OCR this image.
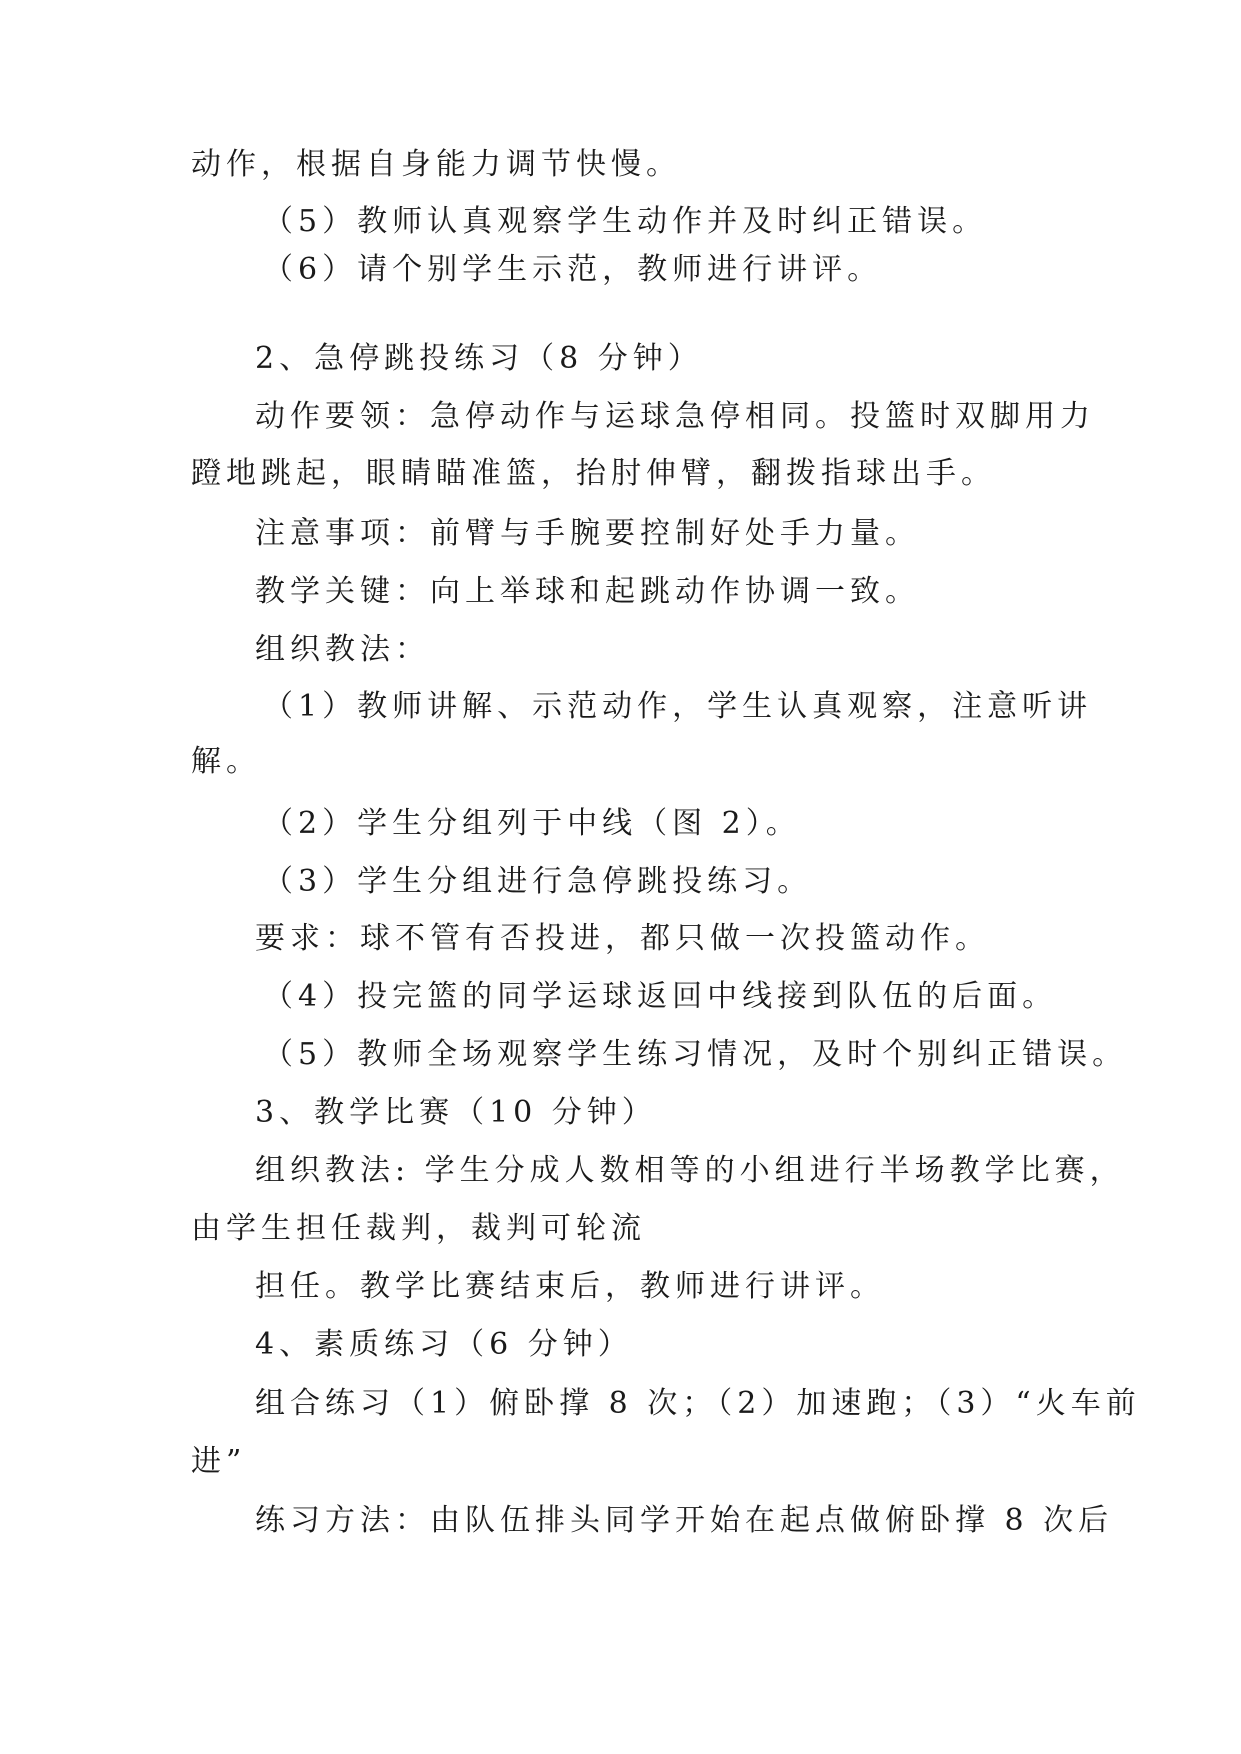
动作，根据自身能力调节快慢。
（5）教师认真观察学生动作并及时纠正错误。
（6）请个别学生示范，教师进行讲评。
2、急停跳投练习（8 分钟）
动作要领：急停动作与运球急停相同。投篮时双脚用力
蹬地跳起，眼睛瞄准篮，抬肘伸臂，翻拨指球出手。
注意事项：前臂与手腕要控制好处手力量。
教学关键：向上举球和起跳动作协调一致。
组织教法：
（1）教师讲解、示范动作，学生认真观察，注意听讲
解。
（2）学生分组列于中线（图 2）。
（3）学生分组进行急停跳投练习。
要求：球不管有否投进，都只做一次投篮动作。
（4）投完篮的同学运球返回中线接到队伍的后面。
（5）教师全场观察学生练习情况，及时个别纠正错误。
3、教学比赛（10 分钟）
组织教法: 学生分成人数相等的小组进行半场教学比赛，
由学生担任裁判，裁判可轮流
担任。教学比赛结束后，教师进行讲评。
4、素质练习（6 分钟）
组合练习（1）俯卧撑 8 次；（2）加速跑；（3）“火车前
进”
练习方法：由队伍排头同学开始在起点做俯卧撑 8 次后
